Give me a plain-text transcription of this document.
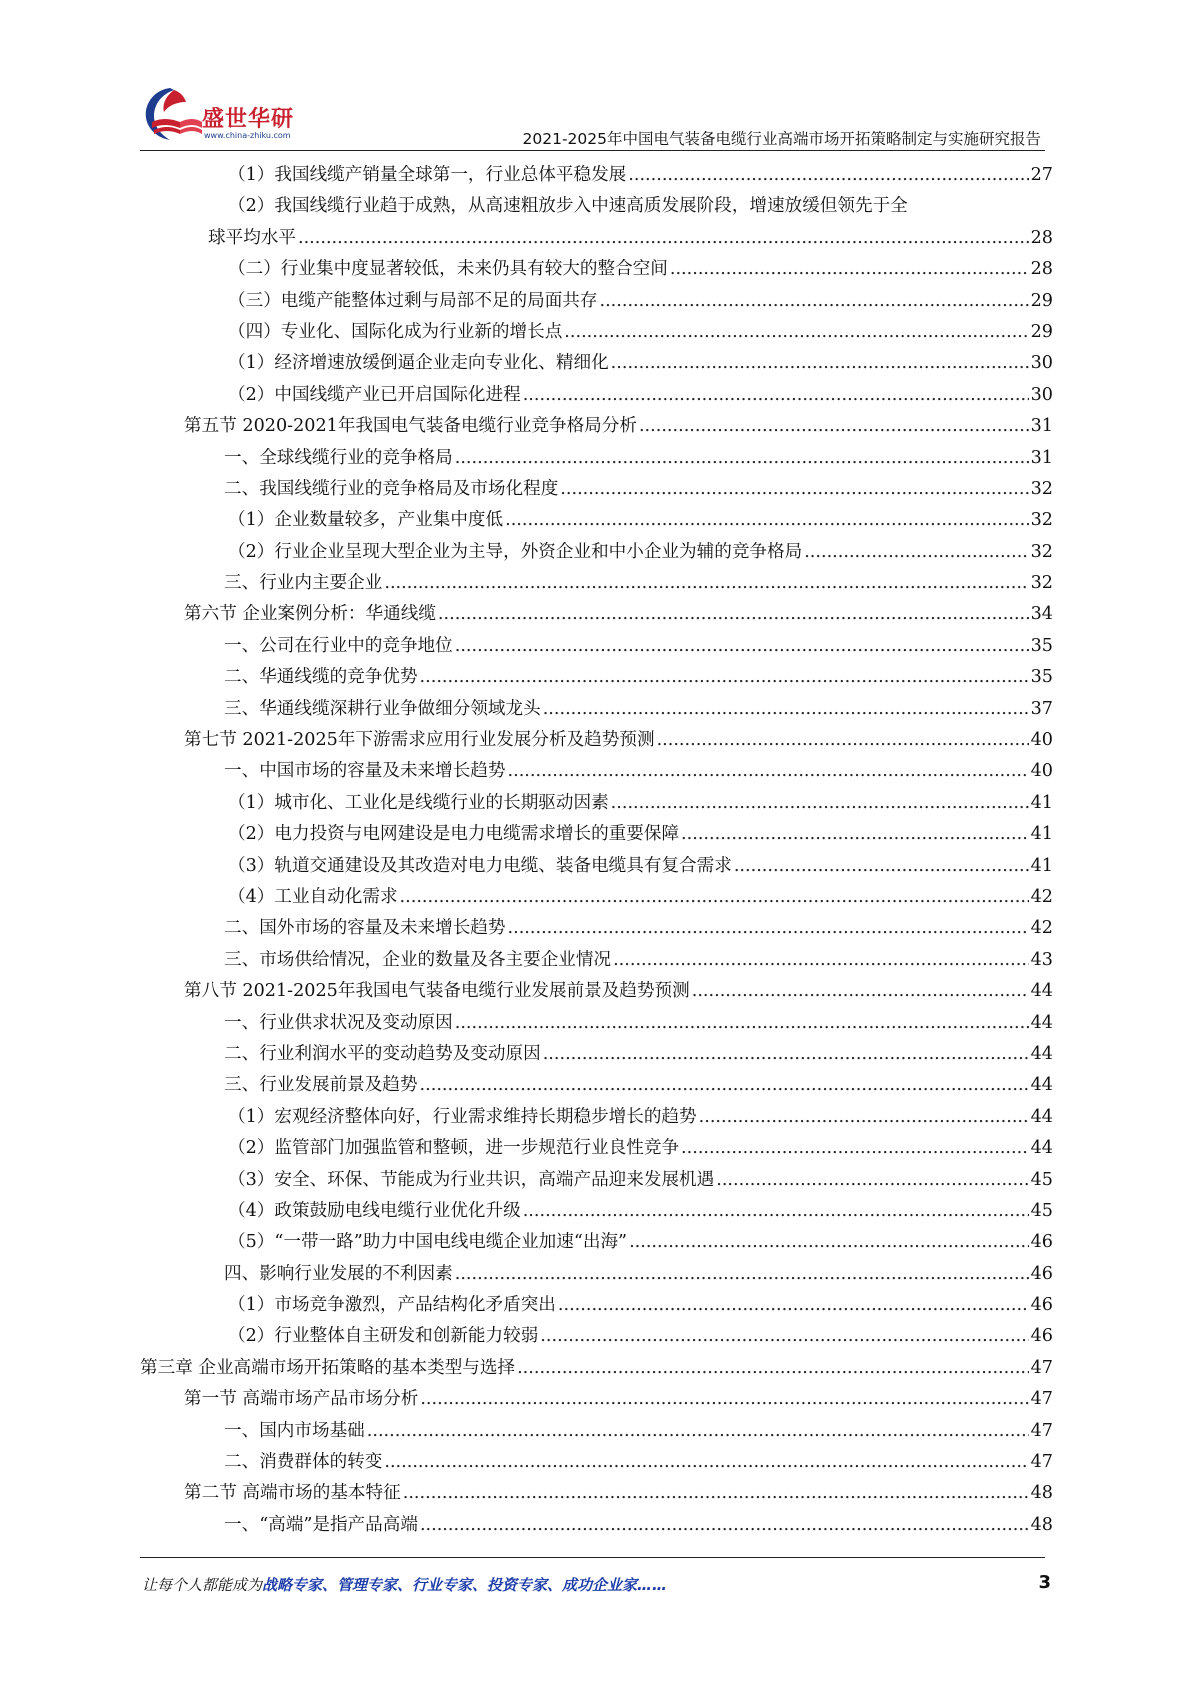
盛世华研
www.china-zhiku.com	2021-2025年中国电气装备电缆行业高端市场开拓策略制定与实施研究报告
（1）我国线缆产销量全球第一，行业总体平稳发展 .....	27
（2）我国线缆行业趋于成熟，从高速粗放步入中速高质发展阶段，增速放缓但领先于全
球平均水平 .....	28
（二）行业集中度显著较低，未来仍具有较大的整合空间 .....	28
（三）电缆产能整体过剩与局部不足的局面共存 .....	29
（四）专业化、国际化成为行业新的增长点 .....	29
（1）经济增速放缓倒逼企业走向专业化、精细化 .....	30
（2）中国线缆产业已开启国际化进程 .....	30
第五节 2020-2021年我国电气装备电缆行业竞争格局分析 .....	31
一、全球线缆行业的竞争格局 .....	31
二、我国线缆行业的竞争格局及市场化程度 .....	32
（1）企业数量较多，产业集中度低 .....	32
（2）行业企业呈现大型企业为主导，外资企业和中小企业为辅的竞争格局 .....	32
三、行业内主要企业 .....	32
第六节 企业案例分析：华通线缆 .....	34
一、公司在行业中的竞争地位 .....	35
二、华通线缆的竞争优势 .....	35
三、华通线缆深耕行业争做细分领域龙头 .....	37
第七节 2021-2025年下游需求应用行业发展分析及趋势预测 .....	40
一、中国市场的容量及未来增长趋势 .....	40
（1）城市化、工业化是线缆行业的长期驱动因素 .....	41
（2）电力投资与电网建设是电力电缆需求增长的重要保障 .....	41
（3）轨道交通建设及其改造对电力电缆、装备电缆具有复合需求 .....	41
（4）工业自动化需求 .....	42
二、国外市场的容量及未来增长趋势 .....	42
三、市场供给情况，企业的数量及各主要企业情况 .....	43
第八节 2021-2025年我国电气装备电缆行业发展前景及趋势预测 .....	44
一、行业供求状况及变动原因 .....	44
二、行业利润水平的变动趋势及变动原因 .....	44
三、行业发展前景及趋势 .....	44
（1）宏观经济整体向好，行业需求维持长期稳步增长的趋势 .....	44
（2）监管部门加强监管和整顿，进一步规范行业良性竞争 .....	44
（3）安全、环保、节能成为行业共识，高端产品迎来发展机遇 .....	45
（4）政策鼓励电线电缆行业优化升级 .....	45
（5）“一带一路”助力中国电线电缆企业加速“出海” .....	46
四、影响行业发展的不利因素 .....	46
（1）市场竞争激烈，产品结构化矛盾突出 .....	46
（2）行业整体自主研发和创新能力较弱 .....	46
第三章 企业高端市场开拓策略的基本类型与选择 .....	47
第一节 高端市场产品市场分析 .....	47
一、国内市场基础 .....	47
二、消费群体的转变 .....	47
第二节 高端市场的基本特征 .....	48
一、“高端”是指产品高端 .....	48
让每个人都能成为战略专家、管理专家、行业专家、投资专家、成功企业家……	3
